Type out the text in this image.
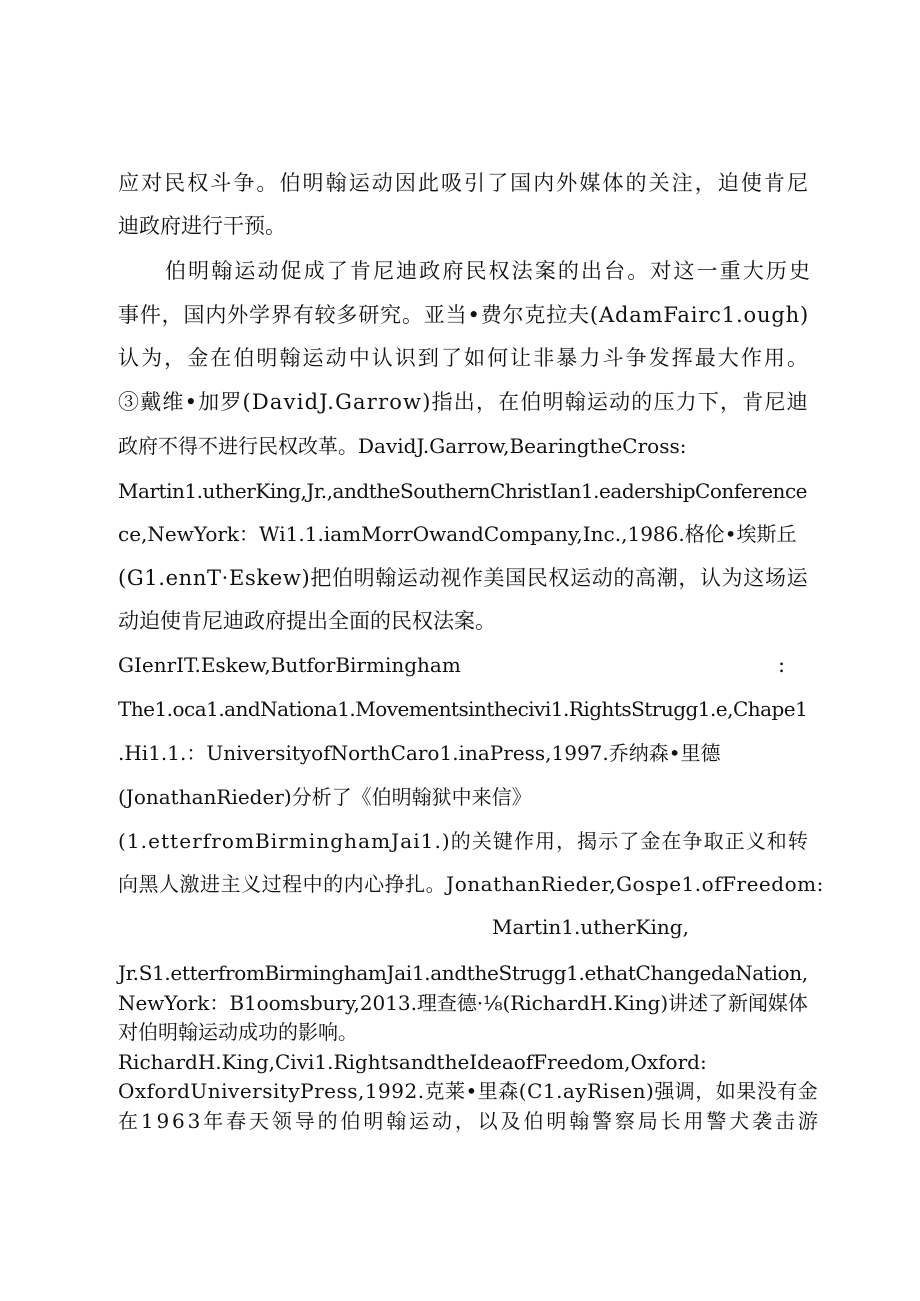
应对民权斗争。伯明翰运动因此吸引了国内外媒体的关注，迫使肯尼
迪政府进行干预。
伯明翰运动促成了肯尼迪政府民权法案的出台。对这一重大历史
事件，国内外学界有较多研究。亚当•费尔克拉夫(AdamFairc1.ough)
认为，金在伯明翰运动中认识到了如何让非暴力斗争发挥最大作用。
③戴维•加罗(DavidJ.Garrow)指出，在伯明翰运动的压力下，肯尼迪
政府不得不进行民权改革。DavidJ.Garrow,BearingtheCross:
Martin1.utherKing,Jr.,andtheSouthernChristIan1.eadershipConference
ce,NewYork：Wi1.1.iamMorrOwandCompany,Inc.,1986.格伦•埃斯丘
(G1.ennT·Eskew)把伯明翰运动视作美国民权运动的高潮，认为这场运
动迫使肯尼迪政府提出全面的民权法案。
GIenrIT.Eskew,ButforBirmingham	:
The1.oca1.andNationa1.Movementsinthecivi1.RightsStrugg1.e,Chape1
.Hi1.1.：UniversityofNorthCaro1.inaPress,1997.乔纳森•里德
(JonathanRieder)分析了《伯明翰狱中来信》
(1.etterfromBirminghamJai1.)的关键作用，揭示了金在争取正义和转
向黑人激进主义过程中的内心挣扎。JonathanRieder,Gospe1.ofFreedom:
Martin1.utherKing,
Jr.S1.etterfromBirminghamJai1.andtheStrugg1.ethatChangedaNation,
NewYork：B1oomsbury,2013.理查德·⅛(RichardH.King)讲述了新闻媒体
对伯明翰运动成功的影响。
RichardH.King,Civi1.RightsandtheIdeaofFreedom,Oxford:
OxfordUniversityPress,1992.克莱•里森(C1.ayRisen)强调，如果没有金
在1963年春天领导的伯明翰运动，以及伯明翰警察局长用警犬袭击游
